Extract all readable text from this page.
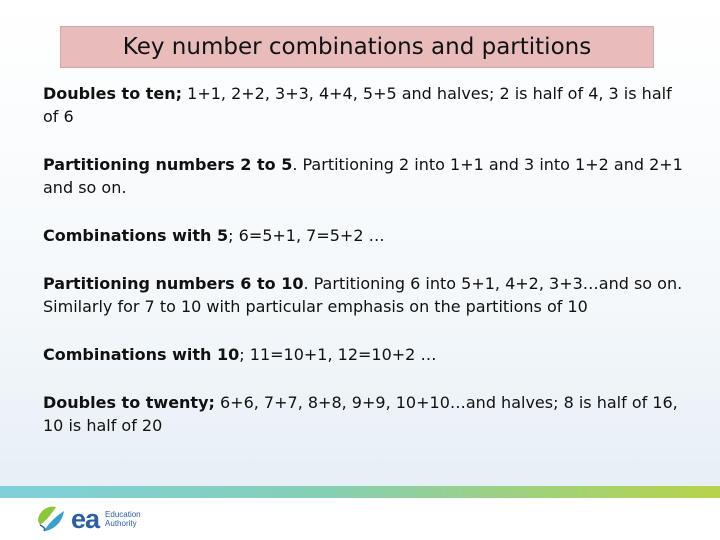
Key number combinations and partitions

Doubles to ten; 1+1, 2+2, 3+3, 4+4, 5+5 and halves; 2 is half of 4, 3 is half of 6

Partitioning numbers 2 to 5. Partitioning 2 into 1+1 and 3 into 1+2 and 2+1 and so on.

Combinations with 5; 6=5+1, 7=5+2 …

Partitioning numbers 6 to 10. Partitioning 6 into 5+1, 4+2, 3+3…and so on. Similarly for 7 to 10 with particular emphasis on the partitions of 10

Combinations with 10; 11=10+1, 12=10+2 …

Doubles to twenty; 6+6, 7+7, 8+8, 9+9, 10+10…and halves; 8 is half of 16, 10 is half of 20

ea Education
Authority
